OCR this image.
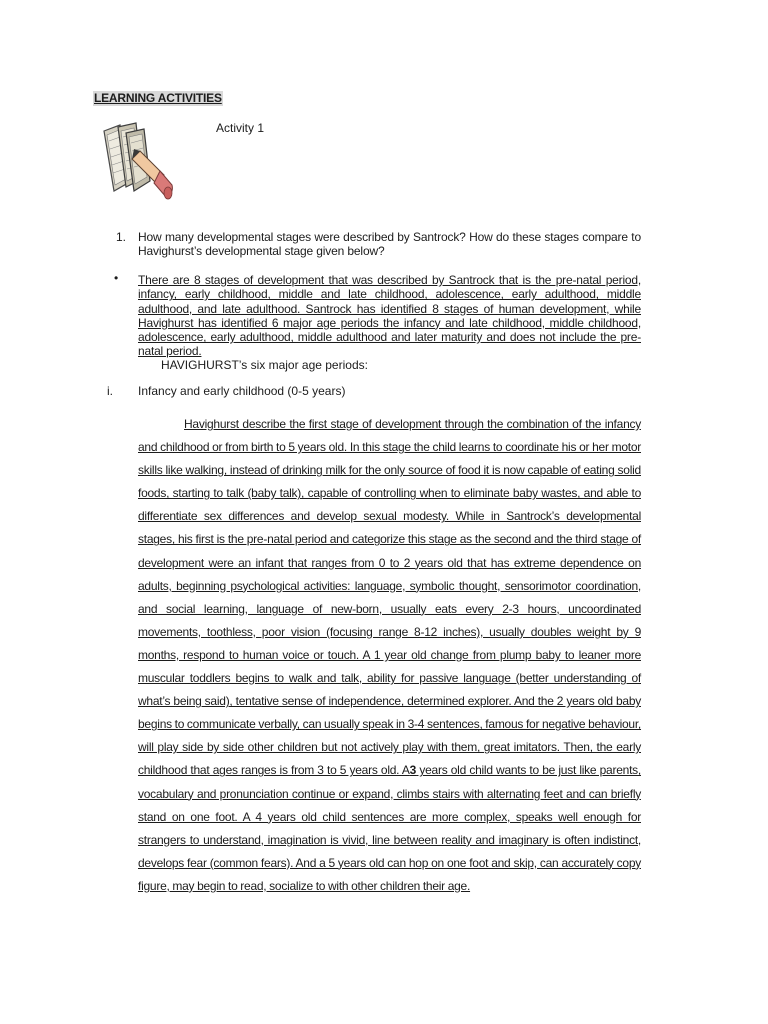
LEARNING ACTIVITIES
Activity 1
1. How many developmental stages were described by Santrock? How do these stages compare to Havighurst’s developmental stage given below?
• There are 8 stages of development that was described by Santrock that is the pre-natal period, infancy, early childhood, middle and late childhood, adolescence, early adulthood, middle adulthood, and late adulthood. Santrock has identified 8 stages of human development, while Havighurst has identified 6 major age periods the infancy and late childhood, middle childhood, adolescence, early adulthood, middle adulthood and later maturity and does not include the pre-natal period.
HAVIGHURST’s six major age periods:
i. Infancy and early childhood (0-5 years)
Havighurst describe the first stage of development through the combination of the infancy and childhood or from birth to 5 years old. In this stage the child learns to coordinate his or her motor skills like walking, instead of drinking milk for the only source of food it is now capable of eating solid foods, starting to talk (baby talk), capable of controlling when to eliminate baby wastes, and able to differentiate sex differences and develop sexual modesty. While in Santrock’s developmental stages, his first is the pre-natal period and categorize this stage as the second and the third stage of development were an infant that ranges from 0 to 2 years old that has extreme dependence on adults, beginning psychological activities: language, symbolic thought, sensorimotor coordination, and social learning, language of new-born, usually eats every 2-3 hours, uncoordinated movements, toothless, poor vision (focusing range 8-12 inches), usually doubles weight by 9 months, respond to human voice or touch. A 1 year old change from plump baby to leaner more muscular toddlers begins to walk and talk, ability for passive language (better understanding of what’s being said), tentative sense of independence, determined explorer. And the 2 years old baby begins to communicate verbally, can usually speak in 3-4 sentences, famous for negative behaviour, will play side by side other children but not actively play with them, great imitators. Then, the early childhood that ages ranges is from 3 to 5 years old. A3 years old child wants to be just like parents, vocabulary and pronunciation continue or expand, climbs stairs with alternating feet and can briefly stand on one foot. A 4 years old child sentences are more complex, speaks well enough for strangers to understand, imagination is vivid, line between reality and imaginary is often indistinct, develops fear (common fears). And a 5 years old can hop on one foot and skip, can accurately copy figure, may begin to read, socialize to with other children their age.
